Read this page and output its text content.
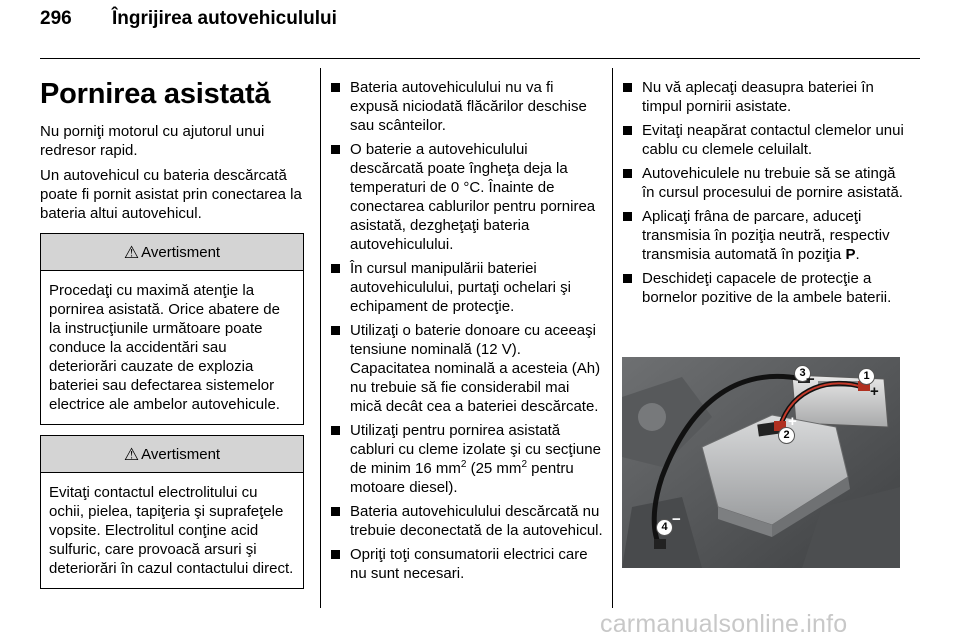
296	Îngrijirea autovehiculului
Pornirea asistată

Nu porniţi motorul cu ajutorul unui redresor rapid.

Un autovehicul cu bateria descărcată poate fi pornit asistat prin conectarea la bateria altui autovehicul.

⚠ Avertisment
Procedaţi cu maximă atenţie la pornirea asistată. Orice abatere de la instrucţiunile următoare poate conduce la accidentări sau deteriorări cauzate de explozia bateriei sau defectarea sistemelor electrice ale ambelor autovehicule.
⚠ Avertisment
Evitaţi contactul electrolitului cu ochii, pielea, tapiţeria şi suprafeţele vopsite. Electrolitul conţine acid sulfuric, care provoacă arsuri şi deteriorări în cazul contactului direct.
Bateria autovehiculului nu va fi expusă niciodată flăcărilor deschise sau scânteilor.
O baterie a autovehiculului descărcată poate îngheţa deja la temperaturi de 0 °C. Înainte de conectarea cablurilor pentru pornirea asistată, dezgheţaţi bateria autovehiculului.
În cursul manipulării bateriei autovehiculului, purtaţi ochelari şi echipament de protecţie.
Utilizaţi o baterie donoare cu aceeaşi tensiune nominală (12 V). Capacitatea nominală a acesteia (Ah) nu trebuie să fie considerabil mai mică decât cea a bateriei descărcate.
Utilizaţi pentru pornirea asistată cabluri cu cleme izolate şi cu secţiune de minim 16 $mm^2$ (25 $mm^2$ pentru motoare diesel).
Bateria autovehiculului descărcată nu trebuie deconectată de la autovehicul.
Opriţi toţi consumatorii electrici care nu sunt necesari.
Nu vă aplecaţi deasupra bateriei în timpul pornirii asistate.
Evitaţi neapărat contactul clemelor unui cablu cu clemele celuilalt.
Autovehiculele nu trebuie să se atingă în cursul procesului de pornire asistată.
Aplicaţi frâna de parcare, aduceţi transmisia în poziţia neutră, respectiv transmisia automată în poziţia P.
Deschideţi capacele de protecţie a bornelor pozitive de la ambele baterii.
1
+
2
+
3 −
4 −
carmanualsonline.info
